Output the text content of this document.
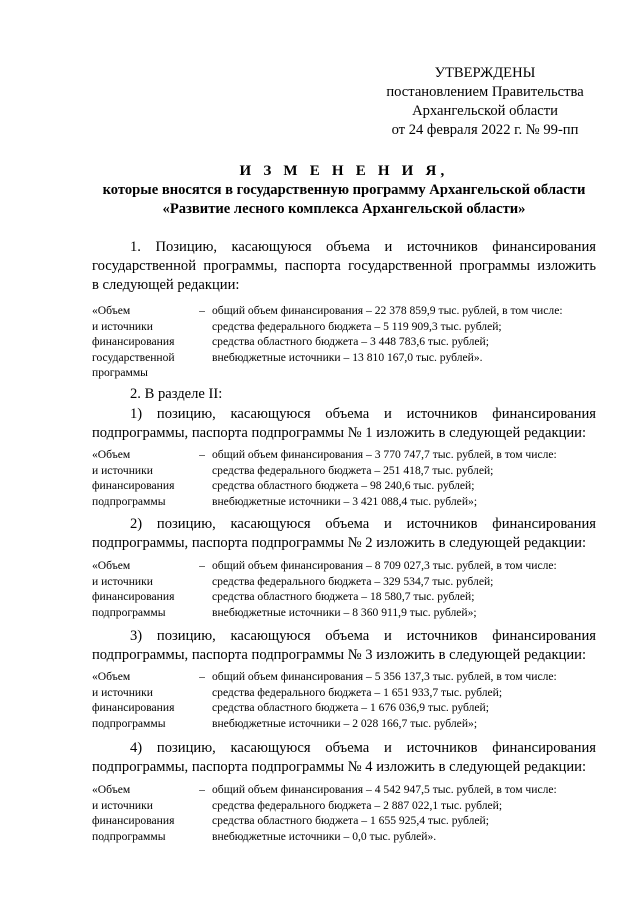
УТВЕРЖДЕНЫ
постановлением Правительства
Архангельской области
от 24 февраля 2022 г. № 99-пп
И З М Е Н Е Н И Я,
которые вносятся в государственную программу Архангельской области
«Развитие лесного комплекса Архангельской области»
1. Позицию, касающуюся объема и источников финансирования
государственной программы, паспорта государственной программы изложить
в следующей редакции:
«Объем
и источники
финансирования
государственной
программы
– общий объем финансирования – 22 378 859,9 тыс. рублей, в том числе:
средства федерального бюджета – 5 119 909,3 тыс. рублей;
средства областного бюджета – 3 448 783,6 тыс. рублей;
внебюджетные источники – 13 810 167,0 тыс. рублей».
2. В разделе II:
1) позицию, касающуюся объема и источников финансирования
подпрограммы, паспорта подпрограммы № 1 изложить в следующей редакции:
«Объем
и источники
финансирования
подпрограммы
– общий объем финансирования – 3 770 747,7 тыс. рублей, в том числе:
средства федерального бюджета – 251 418,7 тыс. рублей;
средства областного бюджета – 98 240,6 тыс. рублей;
внебюджетные источники – 3 421 088,4 тыс. рублей»;
2) позицию, касающуюся объема и источников финансирования
подпрограммы, паспорта подпрограммы № 2 изложить в следующей редакции:
«Объем
и источники
финансирования
подпрограммы
– общий объем финансирования – 8 709 027,3 тыс. рублей, в том числе:
средства федерального бюджета – 329 534,7 тыс. рублей;
средства областного бюджета – 18 580,7 тыс. рублей;
внебюджетные источники – 8 360 911,9 тыс. рублей»;
3) позицию, касающуюся объема и источников финансирования
подпрограммы, паспорта подпрограммы № 3 изложить в следующей редакции:
«Объем
и источники
финансирования
подпрограммы
– общий объем финансирования – 5 356 137,3 тыс. рублей, в том числе:
средства федерального бюджета – 1 651 933,7 тыс. рублей;
средства областного бюджета – 1 676 036,9 тыс. рублей;
внебюджетные источники – 2 028 166,7 тыс. рублей»;
4) позицию, касающуюся объема и источников финансирования
подпрограммы, паспорта подпрограммы № 4 изложить в следующей редакции:
«Объем
и источники
финансирования
подпрограммы
– общий объем финансирования – 4 542 947,5 тыс. рублей, в том числе:
средства федерального бюджета – 2 887 022,1 тыс. рублей;
средства областного бюджета – 1 655 925,4 тыс. рублей;
внебюджетные источники – 0,0 тыс. рублей».
